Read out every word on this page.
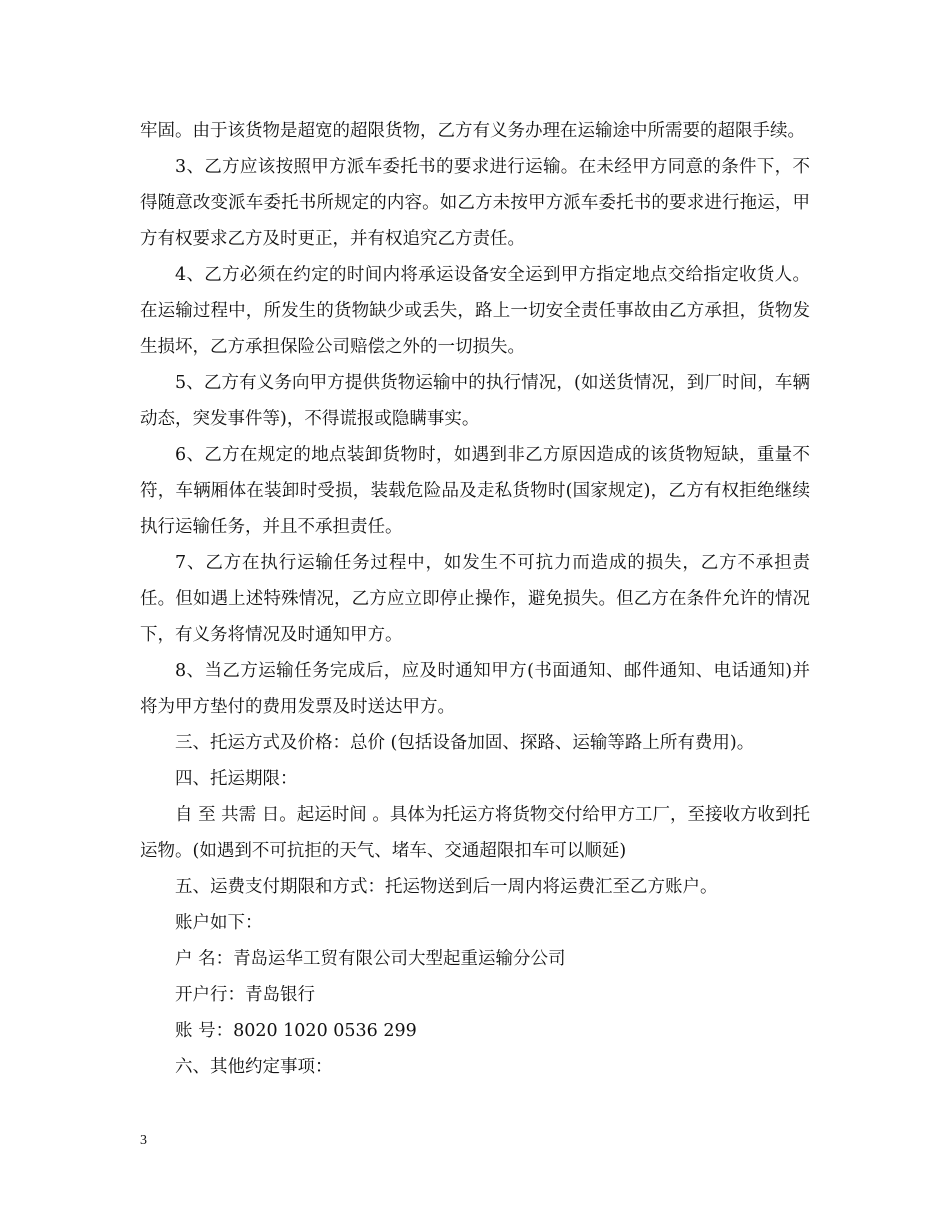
牢固。由于该货物是超宽的超限货物，乙方有义务办理在运输途中所需要的超限手续。

3、乙方应该按照甲方派车委托书的要求进行运输。在未经甲方同意的条件下，不得随意改变派车委托书所规定的内容。如乙方未按甲方派车委托书的要求进行拖运，甲方有权要求乙方及时更正，并有权追究乙方责任。

4、乙方必须在约定的时间内将承运设备安全运到甲方指定地点交给指定收货人。在运输过程中，所发生的货物缺少或丢失，路上一切安全责任事故由乙方承担，货物发生损坏，乙方承担保险公司赔偿之外的一切损失。

5、乙方有义务向甲方提供货物运输中的执行情况，(如送货情况，到厂时间，车辆动态，突发事件等)，不得谎报或隐瞒事实。

6、乙方在规定的地点装卸货物时，如遇到非乙方原因造成的该货物短缺，重量不符，车辆厢体在装卸时受损，装载危险品及走私货物时(国家规定)，乙方有权拒绝继续执行运输任务，并且不承担责任。

7、乙方在执行运输任务过程中，如发生不可抗力而造成的损失，乙方不承担责任。但如遇上述特殊情况，乙方应立即停止操作，避免损失。但乙方在条件允许的情况下，有义务将情况及时通知甲方。

8、当乙方运输任务完成后，应及时通知甲方(书面通知、邮件通知、电话通知)并将为甲方垫付的费用发票及时送达甲方。

三、托运方式及价格：总价 (包括设备加固、探路、运输等路上所有费用)。

四、托运期限：

自 至 共需 日。起运时间 。具体为托运方将货物交付给甲方工厂，至接收方收到托运物。(如遇到不可抗拒的天气、堵车、交通超限扣车可以顺延)

五、运费支付期限和方式：托运物送到后一周内将运费汇至乙方账户。

账户如下：

户 名：青岛运华工贸有限公司大型起重运输分公司

开户行：青岛银行

账 号：8020 1020 0536 299

六、其他约定事项：

3
